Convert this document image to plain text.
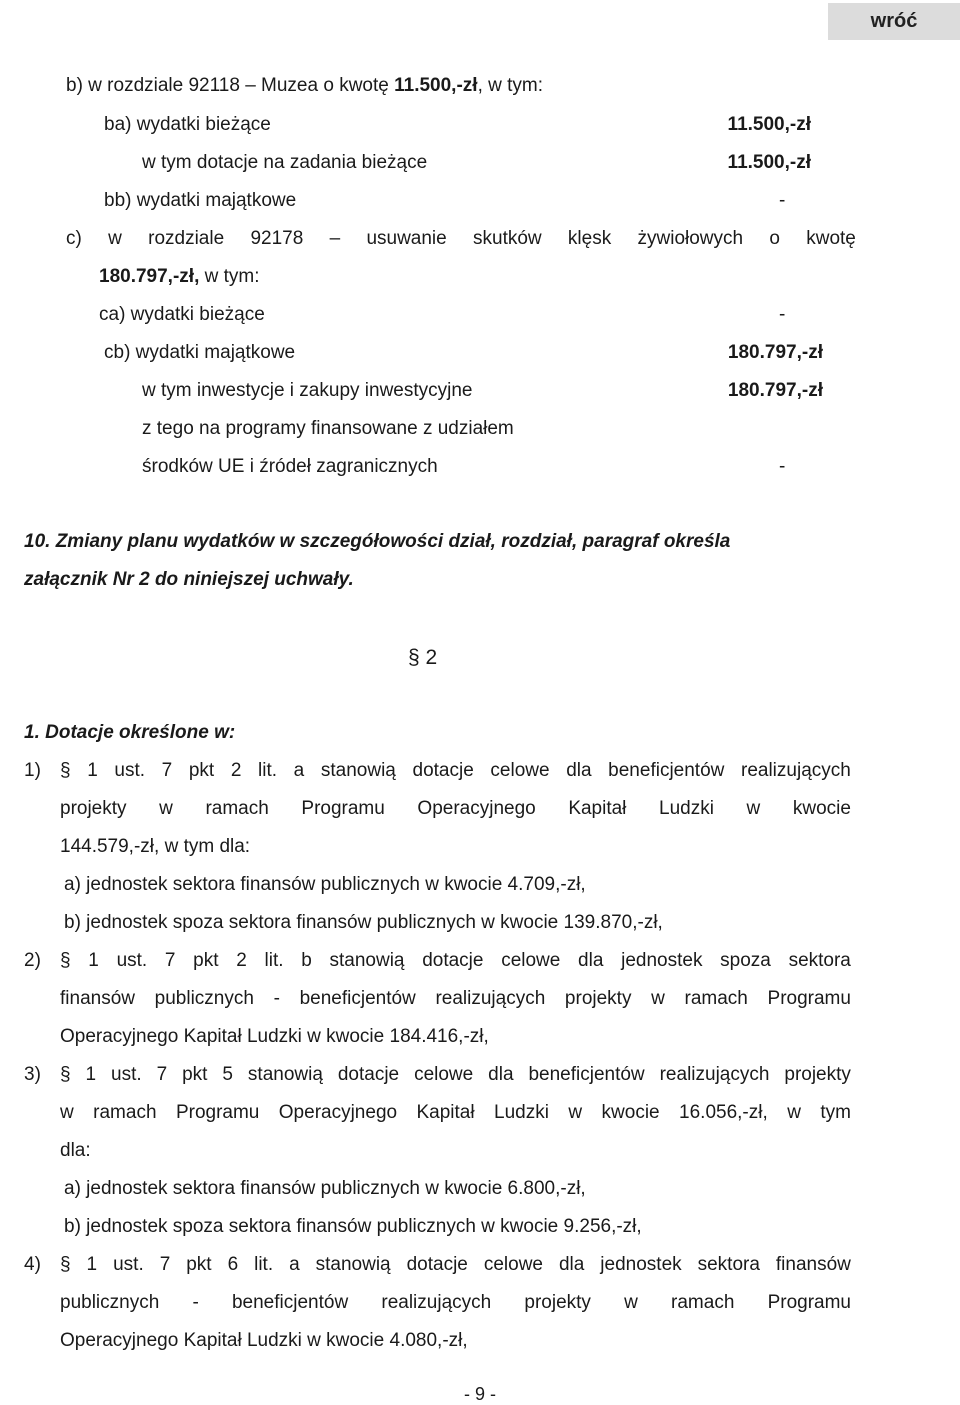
wróć
b) w rozdziale 92118 – Muzea o kwotę 11.500,-zł, w tym:
ba) wydatki bieżące	11.500,-zł
w tym dotacje na zadania bieżące	11.500,-zł
bb) wydatki majątkowe	-
c) w rozdziale 92178 – usuwanie skutków klęsk żywiołowych o kwotę
180.797,-zł, w tym:
ca) wydatki bieżące	-
cb) wydatki majątkowe	180.797,-zł
w tym inwestycje i zakupy inwestycyjne	180.797,-zł
z tego na programy finansowane z udziałem
środków UE i źródeł zagranicznych	-
10. Zmiany planu wydatków w szczegółowości dział, rozdział, paragraf określa
załącznik Nr 2 do niniejszej uchwały.
§ 2
1. Dotacje określone w:
1) § 1 ust. 7 pkt 2 lit. a stanowią dotacje celowe dla beneficjentów realizujących
projekty w ramach Programu Operacyjnego Kapitał Ludzki w kwocie
144.579,-zł, w tym dla:
a) jednostek sektora finansów publicznych w kwocie 4.709,-zł,
b) jednostek spoza sektora finansów publicznych w kwocie 139.870,-zł,
2) § 1 ust. 7 pkt 2 lit. b stanowią dotacje celowe dla jednostek spoza sektora
finansów publicznych - beneficjentów realizujących projekty w ramach Programu
Operacyjnego Kapitał Ludzki w kwocie 184.416,-zł,
3) § 1 ust. 7 pkt 5 stanowią dotacje celowe dla beneficjentów realizujących projekty
w ramach Programu Operacyjnego Kapitał Ludzki w kwocie 16.056,-zł, w tym
dla:
a) jednostek sektora finansów publicznych w kwocie 6.800,-zł,
b) jednostek spoza sektora finansów publicznych w kwocie 9.256,-zł,
4) § 1 ust. 7 pkt 6 lit. a stanowią dotacje celowe dla jednostek sektora finansów
publicznych - beneficjentów realizujących projekty w ramach Programu
Operacyjnego Kapitał Ludzki w kwocie 4.080,-zł,
- 9 -
